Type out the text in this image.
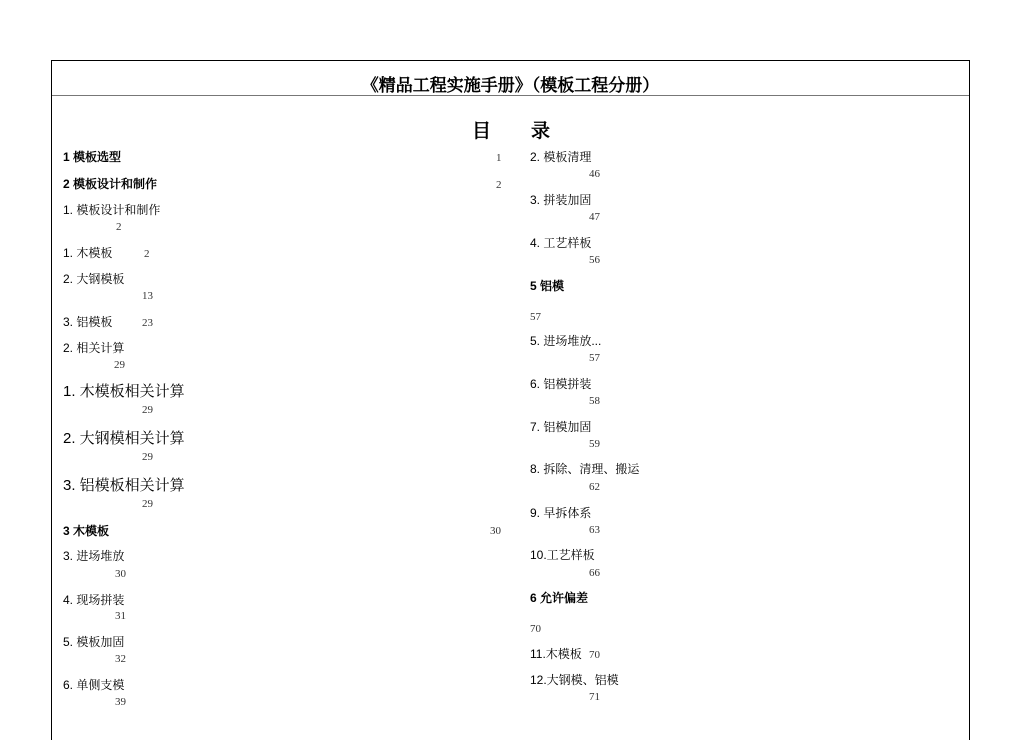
《精品工程实施手册》（模板工程分册）
目 录
1 模板选型	1
2 模板设计和制作	2
1. 模板设计和制作
2
1. 木模板	2
2. 大钢模板
13
3. 铝模板	23
2. 相关计算
29
1. 木模板相关计算
29
2. 大钢模相关计算
29
3. 铝模板相关计算
29
3 木模板	30
3. 进场堆放
30
4. 现场拼装
31
5. 模板加固
32
6. 单侧支模
39
2. 模板清理
46
3. 拼装加固
47
4. 工艺样板
56
5 铝模
57
5. 进场堆放...
57
6. 铝模拼装
58
7. 铝模加固
59
8. 拆除、清理、搬运
62
9. 早拆体系
63
10.工艺样板
66
6 允许偏差
70
11.木模板 70
12.大钢模、铝模
71
